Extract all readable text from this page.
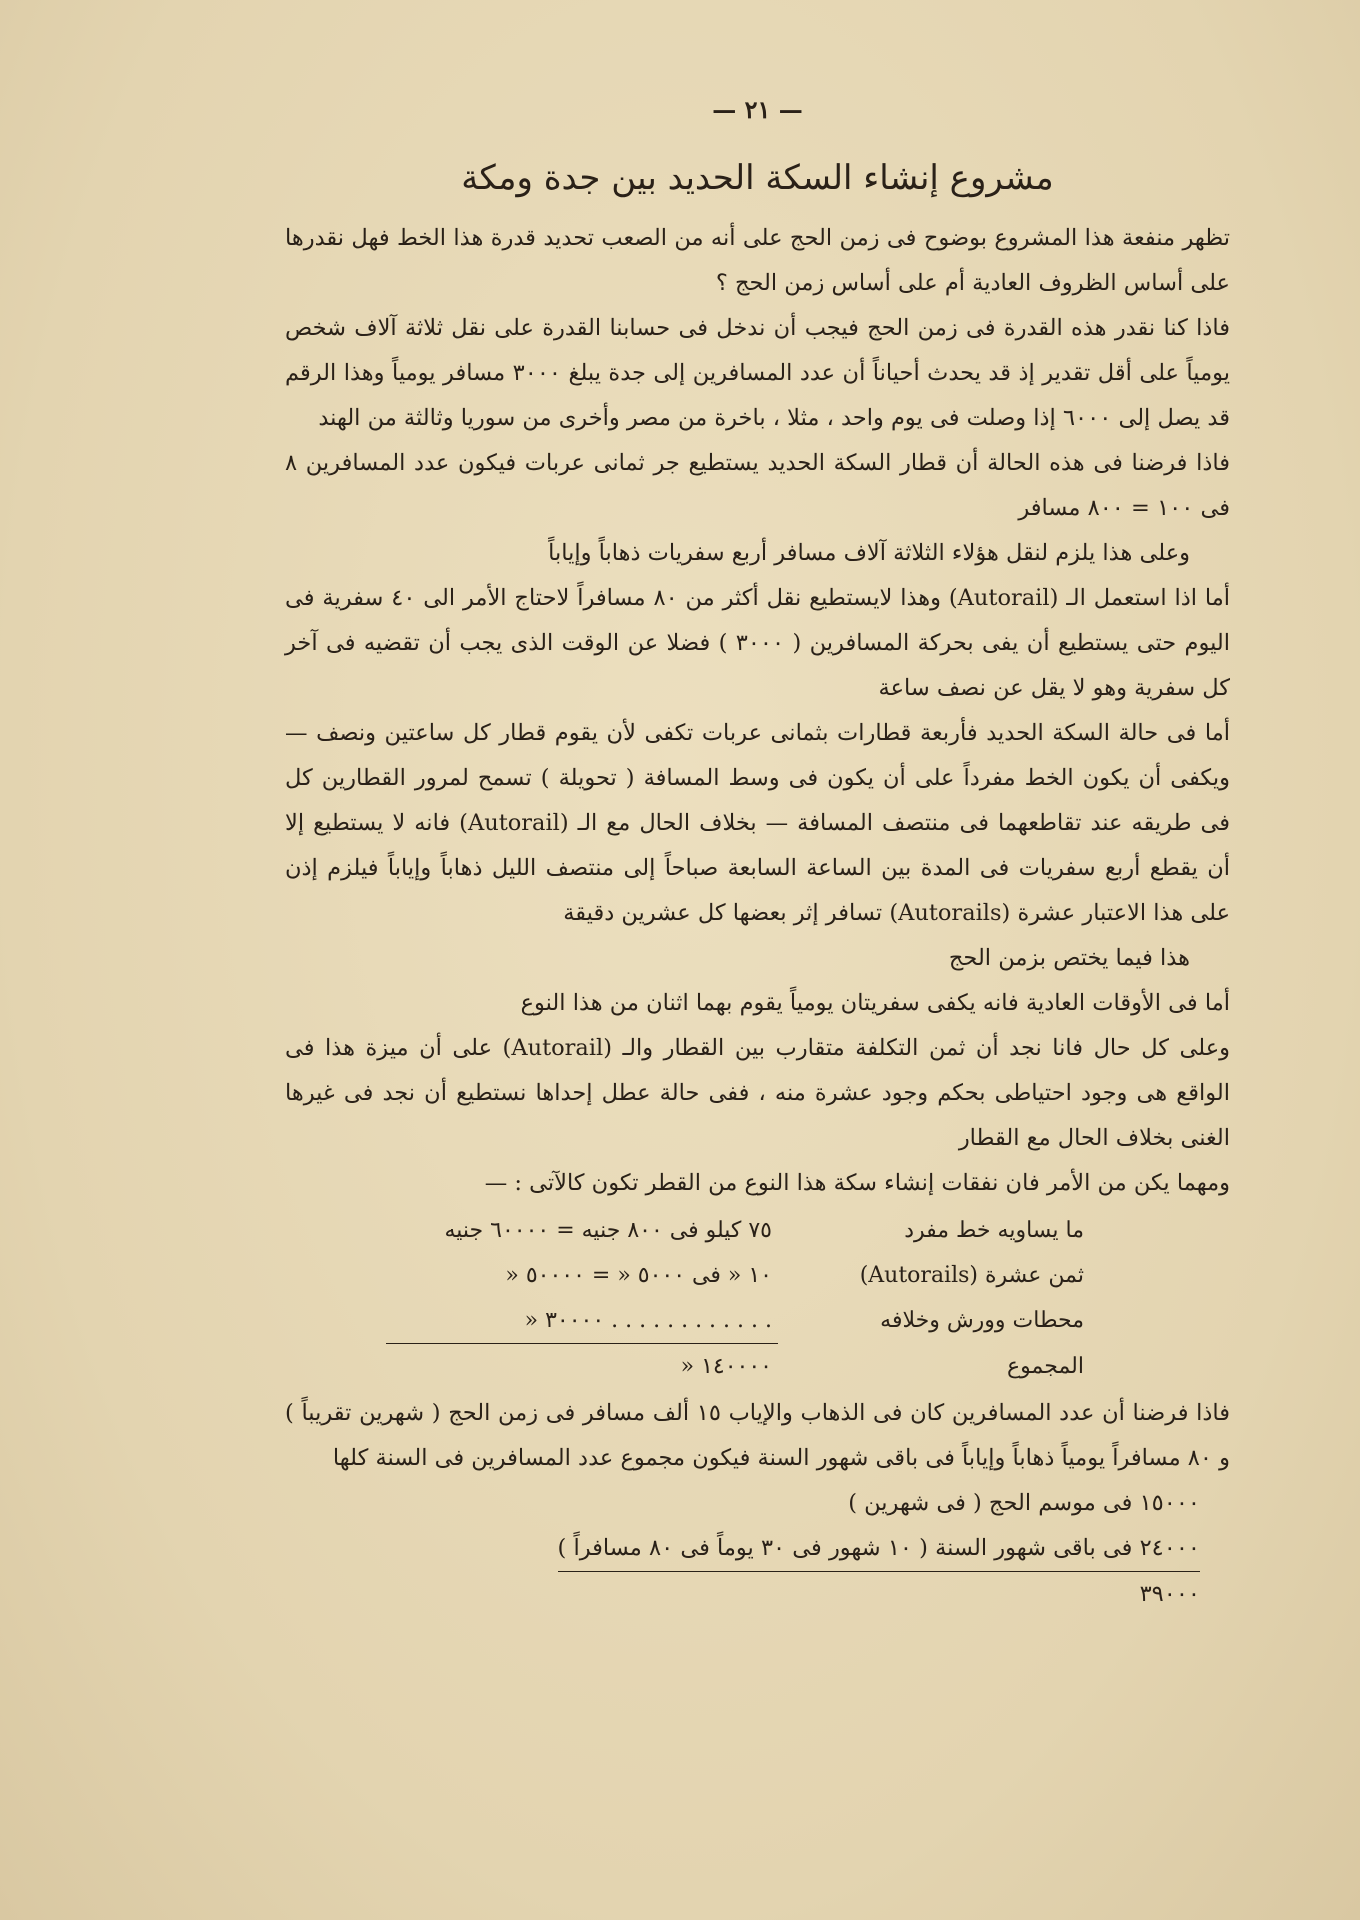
— ٢١ —
مشروع إنشاء السكة الحديد بين جدة ومكة

تظهر منفعة هذا المشروع بوضوح فى زمن الحج على أنه من الصعب تحديد قدرة هذا الخط فهل نقدرها على أساس الظروف العادية أم على أساس زمن الحج ؟

فاذا كنا نقدر هذه القدرة فى زمن الحج فيجب أن ندخل فى حسابنا القدرة على نقل ثلاثة آلاف شخص يومياً على أقل تقدير إذ قد يحدث أحياناً أن عدد المسافرين إلى جدة يبلغ ٣٠٠٠ مسافر يومياً وهذا الرقم قد يصل إلى ٦٠٠٠ إذا وصلت فى يوم واحد ، مثلا ، باخرة من مصر وأخرى من سوريا وثالثة من الهند

فاذا فرضنا فى هذه الحالة أن قطار السكة الحديد يستطيع جر ثمانى عربات فيكون عدد المسافرين ٨ فى ١٠٠ = ٨٠٠ مسافر

وعلى هذا يلزم لنقل هؤلاء الثلاثة آلاف مسافر أربع سفريات ذهاباً وإياباً

أما اذا استعمل الـ (Autorail) وهذا لايستطيع نقل أكثر من ٨٠ مسافراً لاحتاج الأمر الى ٤٠ سفرية فى اليوم حتى يستطيع أن يفى بحركة المسافرين ( ٣٠٠٠ ) فضلا عن الوقت الذى يجب أن تقضيه فى آخر كل سفرية وهو لا يقل عن نصف ساعة

أما فى حالة السكة الحديد فأربعة قطارات بثمانى عربات تكفى لأن يقوم قطار كل ساعتين ونصف — ويكفى أن يكون الخط مفرداً على أن يكون فى وسط المسافة ( تحويلة ) تسمح لمرور القطارين كل فى طريقه عند تقاطعهما فى منتصف المسافة — بخلاف الحال مع الـ (Autorail) فانه لا يستطيع إلا أن يقطع أربع سفريات فى المدة بين الساعة السابعة صباحاً إلى منتصف الليل ذهاباً وإياباً فيلزم إذن على هذا الاعتبار عشرة (Autorails) تسافر إثر بعضها كل عشرين دقيقة

هذا فيما يختص بزمن الحج

أما فى الأوقات العادية فانه يكفى سفريتان يومياً يقوم بهما اثنان من هذا النوع

وعلى كل حال فانا نجد أن ثمن التكلفة متقارب بين القطار والـ (Autorail) على أن ميزة هذا فى الواقع هى وجود احتياطى بحكم وجود عشرة منه ، ففى حالة عطل إحداها نستطيع أن نجد فى غيرها الغنى بخلاف الحال مع القطار

ومهما يكن من الأمر فان نفقات إنشاء سكة هذا النوع من القطر تكون كالآتى : —

ما يساويه خط مفرد	٧٥ كيلو فى ٨٠٠ جنيه = ٦٠٠٠٠ جنيه
ثمن عشرة (Autorails)	١٠ « فى ٥٠٠٠ « = ٥٠٠٠٠ «
محطات وورش وخلافه	. . . . . . . . . . . . ٣٠٠٠٠ «
المجموع	١٤٠٠٠٠ «

فاذا فرضنا أن عدد المسافرين كان فى الذهاب والإياب ١٥ ألف مسافر فى زمن الحج ( شهرين تقريباً ) و ٨٠ مسافراً يومياً ذهاباً وإياباً فى باقى شهور السنة فيكون مجموع عدد المسافرين فى السنة كلها

١٥٠٠٠ فى موسم الحج ( فى شهرين )

٢٤٠٠٠ فى باقى شهور السنة ( ١٠ شهور فى ٣٠ يوماً فى ٨٠ مسافراً )

٣٩٠٠٠
